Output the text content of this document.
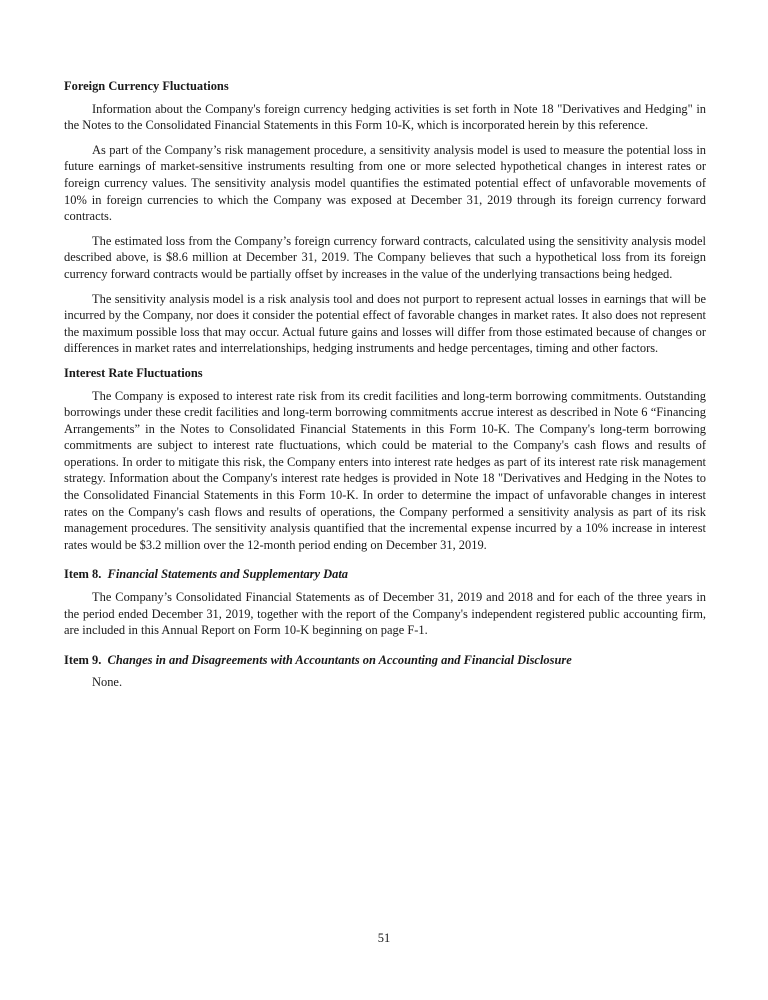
Foreign Currency Fluctuations

Information about the Company's foreign currency hedging activities is set forth in Note 18 "Derivatives and Hedging" in the Notes to the Consolidated Financial Statements in this Form 10-K, which is incorporated herein by this reference.

As part of the Company’s risk management procedure, a sensitivity analysis model is used to measure the potential loss in future earnings of market-sensitive instruments resulting from one or more selected hypothetical changes in interest rates or foreign currency values. The sensitivity analysis model quantifies the estimated potential effect of unfavorable movements of 10% in foreign currencies to which the Company was exposed at December 31, 2019 through its foreign currency forward contracts.

The estimated loss from the Company’s foreign currency forward contracts, calculated using the sensitivity analysis model described above, is $8.6 million at December 31, 2019. The Company believes that such a hypothetical loss from its foreign currency forward contracts would be partially offset by increases in the value of the underlying transactions being hedged.

The sensitivity analysis model is a risk analysis tool and does not purport to represent actual losses in earnings that will be incurred by the Company, nor does it consider the potential effect of favorable changes in market rates. It also does not represent the maximum possible loss that may occur. Actual future gains and losses will differ from those estimated because of changes or differences in market rates and interrelationships, hedging instruments and hedge percentages, timing and other factors.

Interest Rate Fluctuations

The Company is exposed to interest rate risk from its credit facilities and long-term borrowing commitments. Outstanding borrowings under these credit facilities and long-term borrowing commitments accrue interest as described in Note 6 “Financing Arrangements” in the Notes to Consolidated Financial Statements in this Form 10-K. The Company's long-term borrowing commitments are subject to interest rate fluctuations, which could be material to the Company's cash flows and results of operations. In order to mitigate this risk, the Company enters into interest rate hedges as part of its interest rate risk management strategy. Information about the Company's interest rate hedges is provided in Note 18 "Derivatives and Hedging in the Notes to the Consolidated Financial Statements in this Form 10-K. In order to determine the impact of unfavorable changes in interest rates on the Company's cash flows and results of operations, the Company performed a sensitivity analysis as part of its risk management procedures. The sensitivity analysis quantified that the incremental expense incurred by a 10% increase in interest rates would be $3.2 million over the 12-month period ending on December 31, 2019.

Item 8. Financial Statements and Supplementary Data

The Company’s Consolidated Financial Statements as of December 31, 2019 and 2018 and for each of the three years in the period ended December 31, 2019, together with the report of the Company's independent registered public accounting firm, are included in this Annual Report on Form 10-K beginning on page F-1.

Item 9. Changes in and Disagreements with Accountants on Accounting and Financial Disclosure

None.

51
